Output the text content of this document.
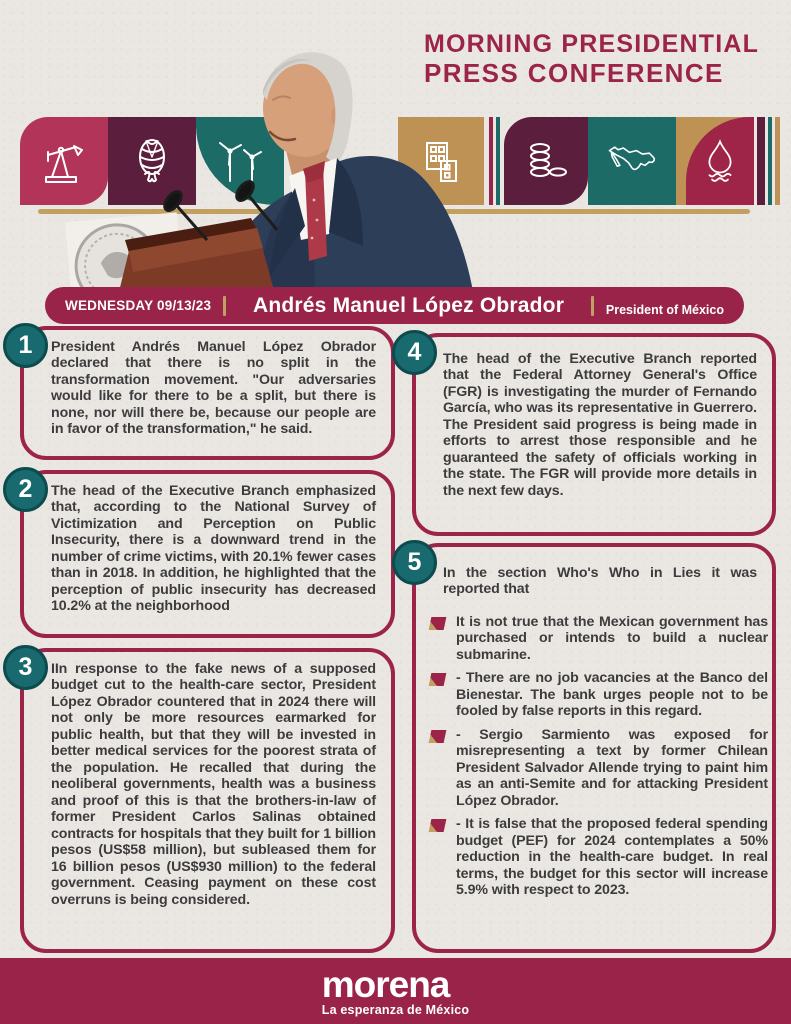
MORNING PRESIDENTIAL
PRESS CONFERENCE
WEDNESDAY 09/13/23	Andrés Manuel López Obrador	President of México
President Andrés Manuel López Obrador declared that there is no split in the transformation movement. "Our adversaries would like for there to be a split, but there is none, nor will there be, because our people are in favor of the transformation," he said.
The head of the Executive Branch emphasized that, according to the National Survey of Victimization and Perception on Public Insecurity, there is a downward trend in the number of crime victims, with 20.1% fewer cases than in 2018. In addition, he highlighted that the perception of public insecurity has decreased 10.2% at the neighborhood
IIn response to the fake news of a supposed budget cut to the health-care sector, President López Obrador countered that in 2024 there will not only be more resources earmarked for public health, but that they will be invested in better medical services for the poorest strata of the population. He recalled that during the neoliberal governments, health was a business and proof of this is that the brothers-in-law of former President Carlos Salinas obtained contracts for hospitals that they built for 1 billion pesos (US$58 million), but subleased them for 16 billion pesos (US$930 million) to the federal government. Ceasing payment on these cost overruns is being considered.
The head of the Executive Branch reported that the Federal Attorney General's Office (FGR) is investigating the murder of Fernando García, who was its representative in Guerrero. The President said progress is being made in efforts to arrest those responsible and he guaranteed the safety of officials working in the state. The FGR will provide more details in the next few days.
In the section Who's Who in Lies it was reported that
It is not true that the Mexican government has purchased or intends to build a nuclear submarine.
- There are no job vacancies at the Banco del Bienestar. The bank urges people not to be fooled by false reports in this regard.
- Sergio Sarmiento was exposed for misrepresenting a text by former Chilean President Salvador Allende trying to paint him as an anti-Semite and for attacking President López Obrador.
- It is false that the proposed federal spending budget (PEF) for 2024 contemplates a 50% reduction in the health-care budget. In real terms, the budget for this sector will increase 5.9% with respect to 2023.
1
2
3
4
5
morena
La esperanza de México
